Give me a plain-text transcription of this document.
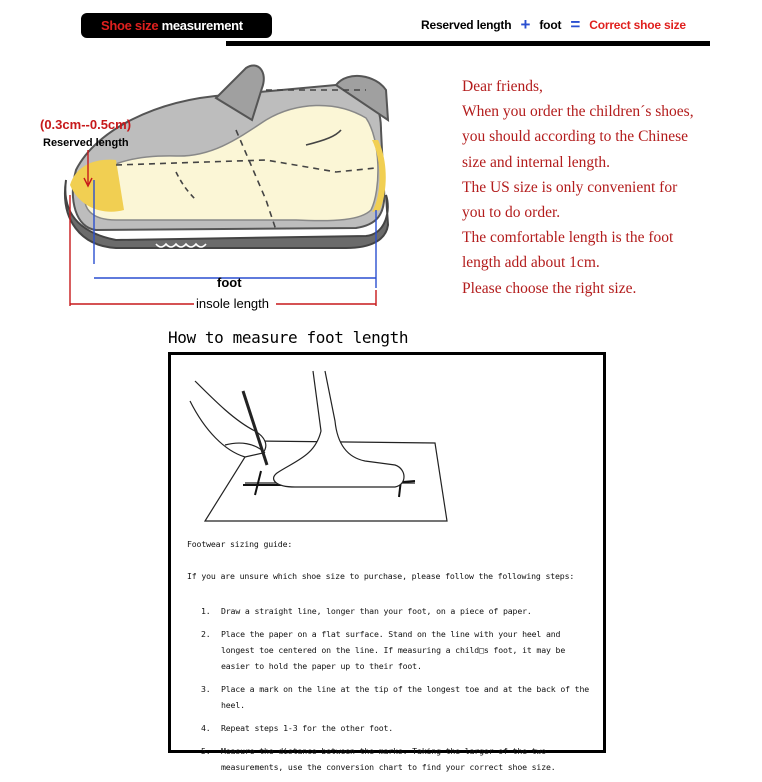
Shoe size measurement	Reserved length + foot = Correct shoe size
(0.3cm--0.5cm)
Reserved length
foot
insole length

Dear friends,

When you order the children´s shoes,

you should according to the Chinese

size and internal length.

The US size is only convenient for

you to do order.

The comfortable length is the foot

length add about 1cm.

Please choose the right size.

How to measure foot length
Footwear sizing guide:
If you are unsure which shoe size to purchase, please follow the following steps:
1.	Draw a straight line, longer than your foot, on a piece of paper.
2.	Place the paper on a flat surface. Stand on the line with your heel and longest toe centered on the line. If measuring a child□s foot, it may be easier to hold the paper up to their foot.
3.	Place a mark on the line at the tip of the longest toe and at the back of the heel.
4.	Repeat steps 1-3 for the other foot.
5.	Measure the distance between the marks. Taking the larger of the two measurements, use the conversion chart to find your correct shoe size.
